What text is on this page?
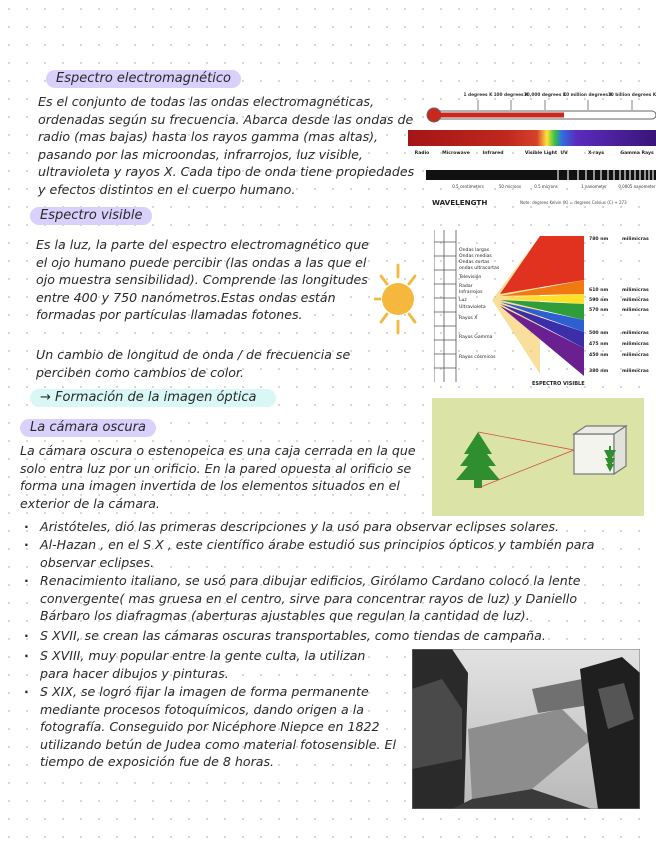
Espectro electromagnético

Es el conjunto de todas las ondas electromagnéticas, ordenadas según su frecuencia. Abarca desde las ondas de radio (mas bajas) hasta los rayos gamma (mas altas), pasando por las microondas, infrarrojos, luz visible, ultravioleta y rayos X. Cada tipo de onda tiene propiedades y efectos distintos en el cuerpo humano.

1 degrees K 100 degrees K
10,000 degrees K
10 million degrees K
10 billion degrees K
Radio	Microwave	Infrared	Visible Light UV	X-rays	Gamma Rays
0.5 centimeters	50 microns	0.5 microns	1 nanometer	0.0005 nanometer
WAVELENGTH	Note: degrees Kelvin (K) = degrees Celsius (C) + 273
Espectro visible

Es la luz, la parte del espectro electromagnético que el ojo humano puede percibir (las ondas a las que el ojo muestra sensibilidad). Comprende las longitudes entre 400 y 750 nanómetros.Estas ondas están formadas por partículas llamadas fotones.

Un cambio de longitud de onda / de frecuencia se perciben como cambios de color.

Ondas largas
Ondas medias
Ondas cortas
ondas ultracortas
Televisión
Radar
Infrarrojos
Luz
Ultravioleta
Rayos X
Rayos Gamma
Rayos cósmicos
780 nm	milimicras
610 nm	milimicras
590 nm	milimicras
570 nm	milimicras
500 nm	milimicras
475 nm	milimicras
450 nm	milimicras
380 nm	milimicras
ESPECTRO VISIBLE
→ Formación de la imagen óptica
La cámara oscura

La cámara oscura o estenopeica es una caja cerrada en la que solo entra luz por un orificio. En la pared opuesta al orificio se forma una imagen invertida de los elementos situados en el exterior de la cámara.

· Aristóteles, dió las primeras descripciones y la usó para observar eclipses solares.
· Al-Hazan , en el S X , este científico árabe estudió sus principios ópticos y también para observar eclipses.
· Renacimiento italiano, se usó para dibujar edificios, Girólamo Cardano colocó la lente convergente( mas gruesa en el centro, sirve para concentrar rayos de luz) y Daniello Bárbaro los diafragmas (aberturas ajustables que regulan la cantidad de luz).
· S XVII, se crean las cámaras oscuras transportables, como tiendas de campaña.
· S XVIII, muy popular entre la gente culta, la utilizan para hacer dibujos y pinturas.
· S XIX, se logró fijar la imagen de forma permanente mediante procesos fotoquímicos, dando origen a la fotografía. Conseguido por Nicéphore Niepce en 1822 utilizando betún de Judea como material fotosensible. El tiempo de exposición fue de 8 horas.
